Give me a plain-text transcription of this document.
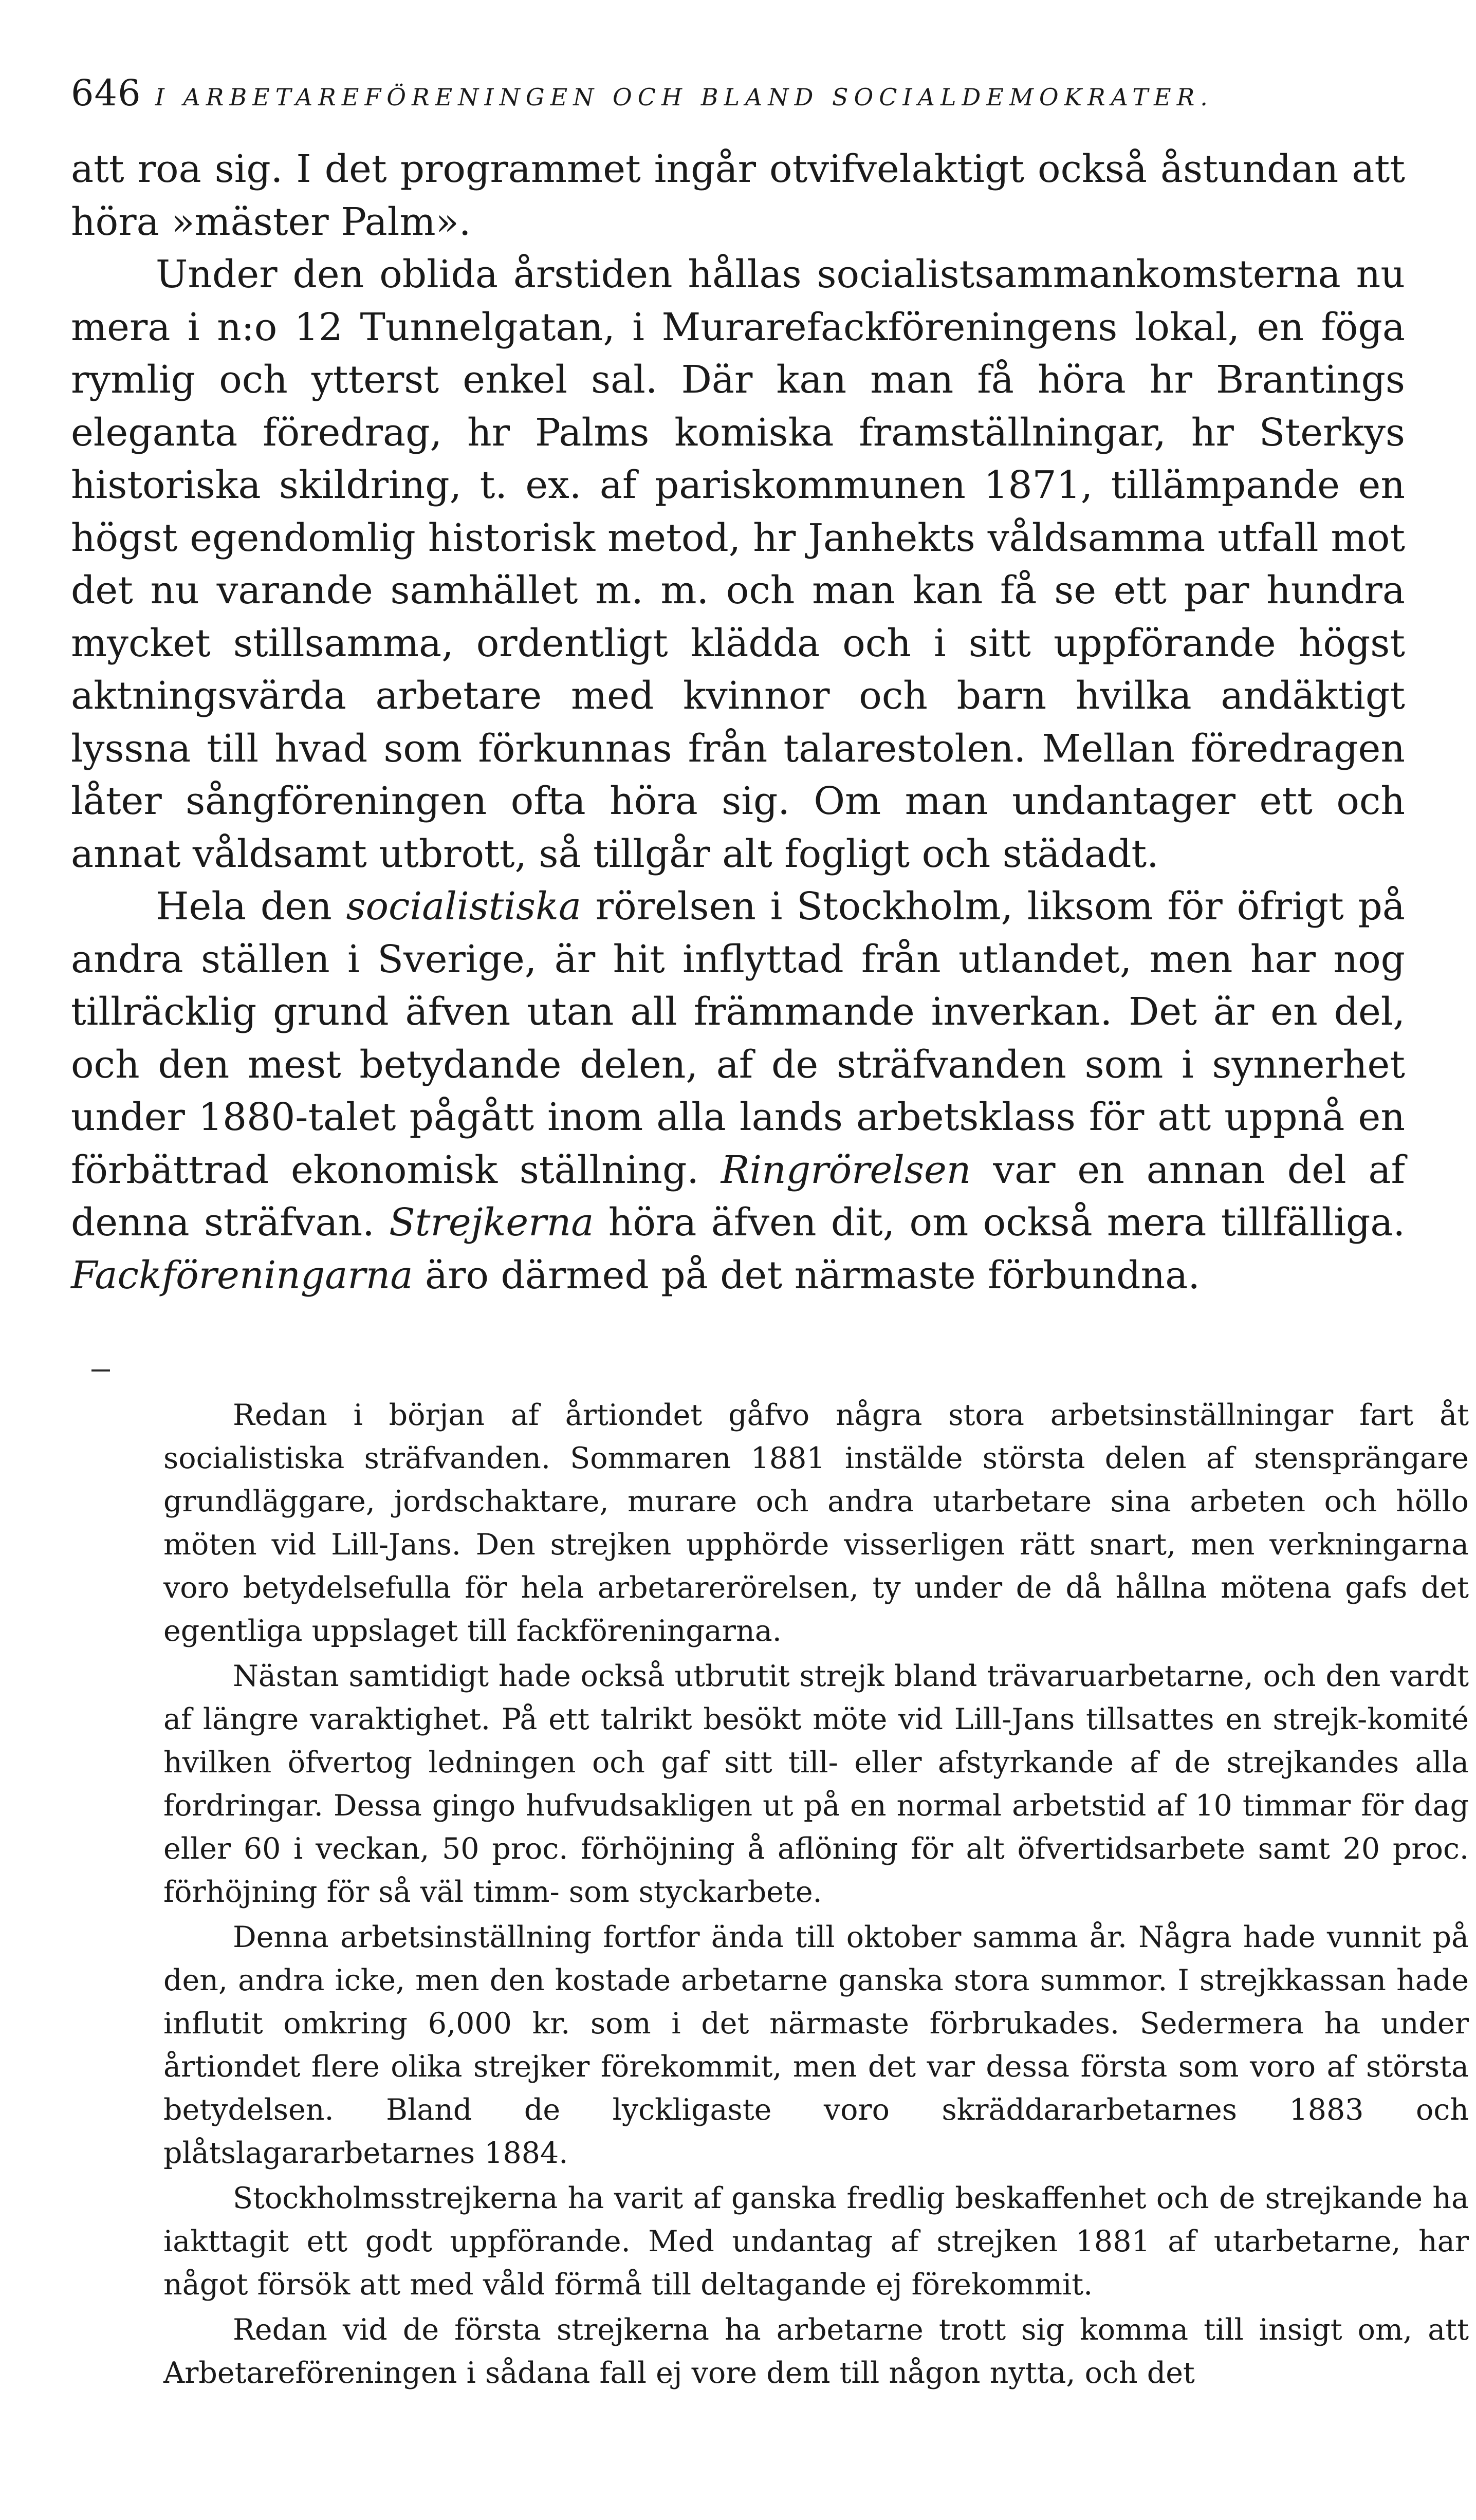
646 I ARBETAREFÖRENINGEN OCH BLAND SOCIALDEMOKRATER.

att roa sig. I det programmet ingår otvifvelaktigt också åstundan att höra »mäster Palm».

Under den oblida årstiden hållas socialistsammankomsterna nu mera i n:o 12 Tunnelgatan, i Murarefackföreningens lokal, en föga rymlig och ytterst enkel sal. Där kan man få höra hr Brantings eleganta föredrag, hr Palms komiska framställningar, hr Sterkys historiska skildring, t. ex. af pariskommunen 1871, tillämpande en högst egendomlig historisk metod, hr Janhekts våldsamma utfall mot det nu varande samhället m. m. och man kan få se ett par hundra mycket stillsamma, ordentligt klädda och i sitt uppförande högst aktningsvärda arbetare med kvinnor och barn hvilka andäktigt lyssna till hvad som förkunnas från talarestolen. Mellan föredragen låter sångföreningen ofta höra sig. Om man undantager ett och annat våldsamt utbrott, så tillgår alt fogligt och städadt.

Hela den socialistiska rörelsen i Stockholm, liksom för öfrigt på andra ställen i Sverige, är hit inflyttad från utlandet, men har nog tillräcklig grund äfven utan all främmande inverkan. Det är en del, och den mest betydande delen, af de sträfvanden som i synnerhet under 1880-talet pågått inom alla lands arbetsklass för att uppnå en förbättrad ekonomisk ställning. Ringrörelsen var en annan del af denna sträfvan. Strejkerna höra äfven dit, om också mera tillfälliga. Fackföreningarna äro därmed på det närmaste förbundna.

Redan i början af årtiondet gåfvo några stora arbetsinställningar fart åt socialistiska sträfvanden. Sommaren 1881 instälde största delen af stensprängare grundläggare, jordschaktare, murare och andra utarbetare sina arbeten och höllo möten vid Lill-Jans. Den strejken upphörde visserligen rätt snart, men verkningarna voro betydelsefulla för hela arbetarerörelsen, ty under de då hållna mötena gafs det egentliga uppslaget till fackföreningarna.

Nästan samtidigt hade också utbrutit strejk bland trävaruarbetarne, och den vardt af längre varaktighet. På ett talrikt besökt möte vid Lill-Jans tillsattes en strejk-komité hvilken öfvertog ledningen och gaf sitt till- eller afstyrkande af de strejkandes alla fordringar. Dessa gingo hufvudsakligen ut på en normal arbetstid af 10 timmar för dag eller 60 i veckan, 50 proc. förhöjning å aflöning för alt öfvertidsarbete samt 20 proc. förhöjning för så väl timm- som styckarbete.

Denna arbetsinställning fortfor ända till oktober samma år. Några hade vunnit på den, andra icke, men den kostade arbetarne ganska stora summor. I strejkkassan hade influtit omkring 6,000 kr. som i det närmaste förbrukades. Sedermera ha under årtiondet flere olika strejker förekommit, men det var dessa första som voro af största betydelsen. Bland de lyckligaste voro skräddararbetarnes 1883 och plåtslagararbetarnes 1884.

Stockholmsstrejkerna ha varit af ganska fredlig beskaffenhet och de strejkande ha iakttagit ett godt uppförande. Med undantag af strejken 1881 af utarbetarne, har något försök att med våld förmå till deltagande ej förekommit.

Redan vid de första strejkerna ha arbetarne trott sig komma till insigt om, att Arbetareföreningen i sådana fall ej vore dem till någon nytta, och det
